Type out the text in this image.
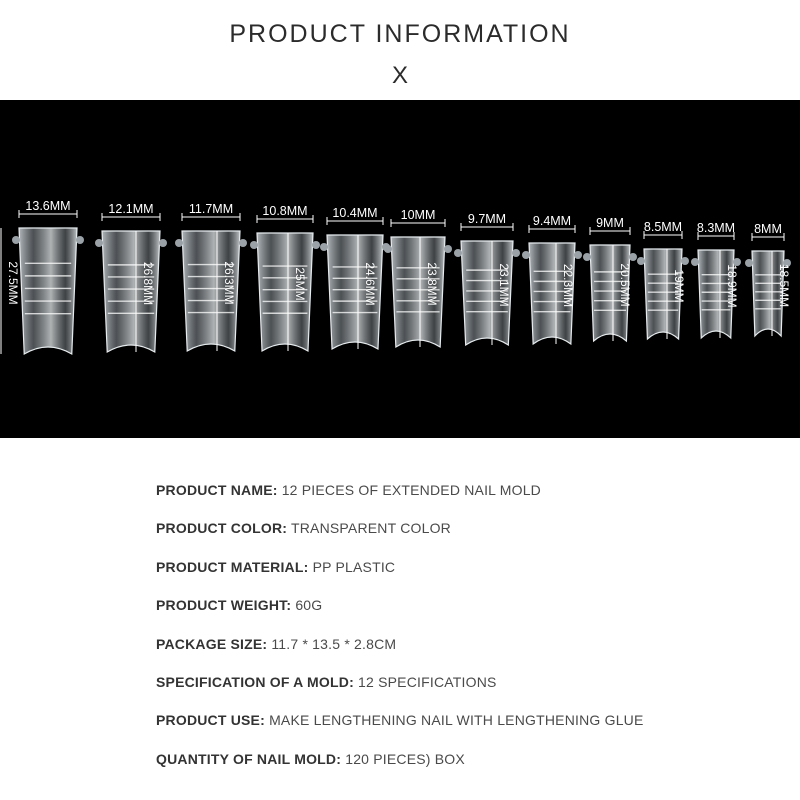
PRODUCT INFORMATION
X
13.6MM
27.5MM
12.1MM
26.8MM
11.7MM
26.3MM
10.8MM
25MM
10.4MM
24.6MM
10MM
23.8MM
9.7MM
23.1MM
9.4MM
22.3MM
9MM
20.5MM
8.5MM
19MM
8.3MM
18.9MM
8MM
18.5MM
PRODUCT NAME: 12 PIECES OF EXTENDED NAIL MOLD
PRODUCT COLOR: TRANSPARENT COLOR
PRODUCT MATERIAL: PP PLASTIC
PRODUCT WEIGHT: 60G
PACKAGE SIZE: 11.7 * 13.5 * 2.8CM
SPECIFICATION OF A MOLD: 12 SPECIFICATIONS
PRODUCT USE: MAKE LENGTHENING NAIL WITH LENGTHENING GLUE
QUANTITY OF NAIL MOLD: 120 PIECES) BOX
